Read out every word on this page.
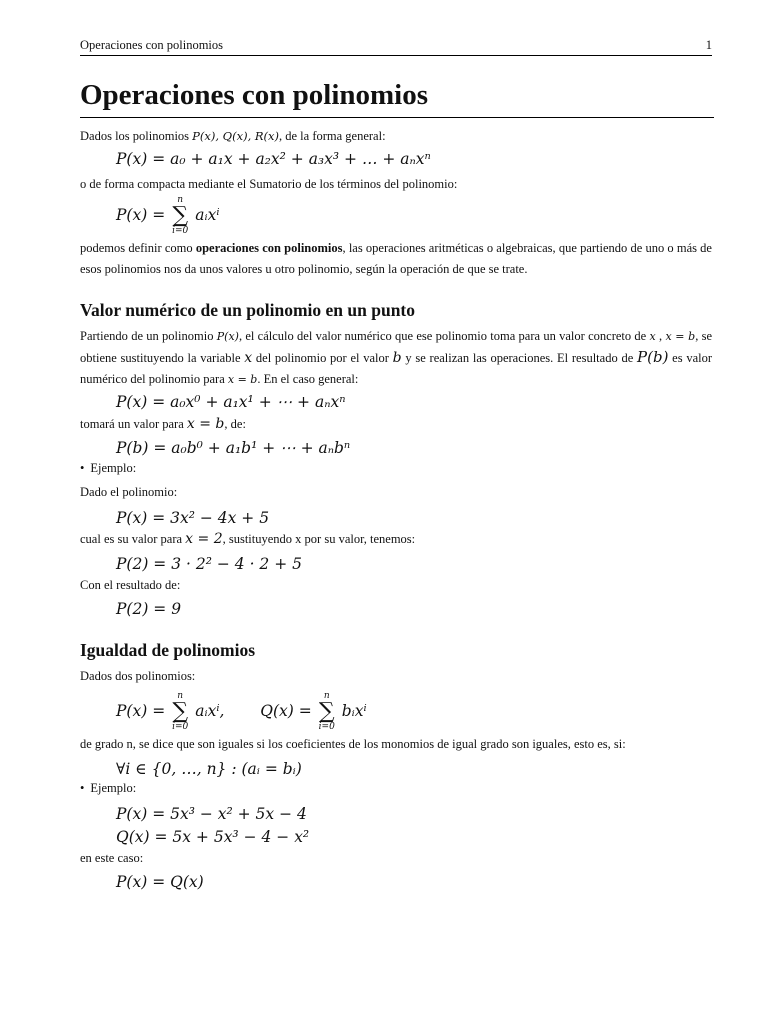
Operaciones con polinomios	1
Operaciones con polinomios
Dados los polinomios P(x), Q(x), R(x), de la forma general:
P(x) = a₀ + a₁x + a₂x² + a₃x³ + … + aₙxⁿ
o de forma compacta mediante el Sumatorio de los términos del polinomio:
P(x) =
n
∑
i=0
aᵢxⁱ
podemos definir como operaciones con polinomios, las operaciones aritméticas o algebraicas, que partiendo de uno o más de esos polinomios nos da unos valores u otro polinomio, según la operación de que se trate.
Valor numérico de un polinomio en un punto
Partiendo de un polinomio P(x), el cálculo del valor numérico que ese polinomio toma para un valor concreto de x , x = b, se obtiene sustituyendo la variable x del polinomio por el valor b y se realizan las operaciones. El resultado de P(b) es valor numérico del polinomio para x = b. En el caso general:
P(x) = a₀x⁰ + a₁x¹ + ⋯ + aₙxⁿ
tomará un valor para x = b, de:
P(b) = a₀b⁰ + a₁b¹ + ⋯ + aₙbⁿ
• Ejemplo:
Dado el polinomio:
P(x) = 3x² − 4x + 5
cual es su valor para x = 2, sustituyendo x por su valor, tenemos:
P(2) = 3 · 2² − 4 · 2 + 5
Con el resultado de:
P(2) = 9
Igualdad de polinomios
Dados dos polinomios:
P(x) =
n
∑
i=0
aᵢxⁱ, Q(x) =
n
∑
i=0
bᵢxⁱ
de grado n, se dice que son iguales si los coeficientes de los monomios de igual grado son iguales, esto es, si:
∀i ∈ {0, …, n} : (aᵢ = bᵢ)
• Ejemplo:
P(x) = 5x³ − x² + 5x − 4
Q(x) = 5x + 5x³ − 4 − x²
en este caso:
P(x) = Q(x)
